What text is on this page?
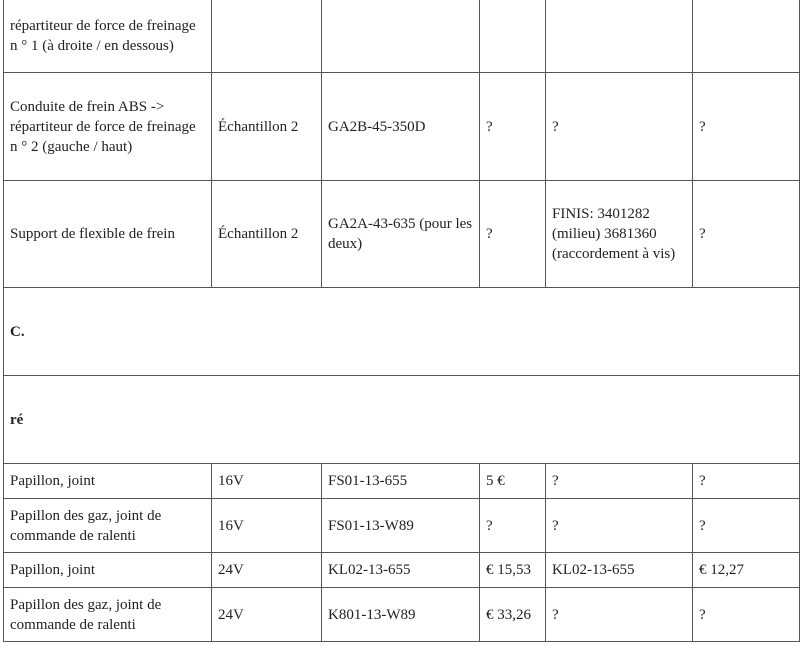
répartiteur de force de freinage n ° 1 (à droite / en dessous)					
Conduite de frein ABS -> répartiteur de force de freinage n ° 2 (gauche / haut)	Échantillon 2	GA2B-45-350D	?	?	?
Support de flexible de frein	Échantillon 2	GA2A-43-635 (pour les deux)	?	FINIS: 3401282 (milieu) 3681360 (raccordement à vis)	?
C.					
ré					
Papillon, joint	16V	FS01-13-655	5 €	?	?
Papillon des gaz, joint de commande de ralenti	16V	FS01-13-W89	?	?	?
Papillon, joint	24V	KL02-13-655	€ 15,53	KL02-13-655	€ 12,27
Papillon des gaz, joint de commande de ralenti	24V	K801-13-W89	€ 33,26	?	?
